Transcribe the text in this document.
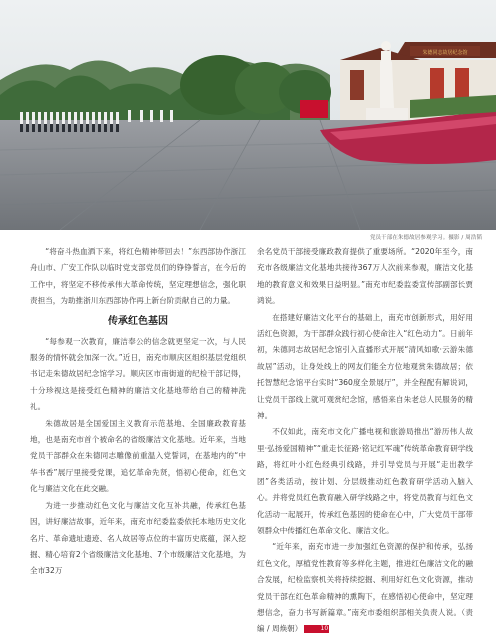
朱德同志故居纪念馆
党员干部在朱德故居参观学习。摄影 / 周浩韬

“将奋斗热血洒下来，将红色精神带回去！”东西部协作浙江舟山市、广安工作队以临时党支部党员们的铮铮誓言，在今后的工作中，将坚定不移传承伟大革命传统，坚定理想信念，强化职责担当，为助推浙川东西部协作再上新台阶贡献自己的力量。

传承红色基因

“每参观一次教育，廉洁奉公的信念就更坚定一次，与人民服务的情怀就会加深一次。”近日，南充市顺庆区组织基层党组织书记走朱德故居纪念馆学习。顺庆区市南街道的纪检干部记得，十分珍视这是接受红色精神的廉洁文化基地带给自己的精神洗礼。

朱德故居是全国爱国主义教育示范基地、全国廉政教育基地，也是南充市首个被命名的省级廉洁文化基地。近年来，当地党员干部群众在朱德同志雕像前重温入党誓词，在基地内的“中华书香”展厅里接受党课，追忆革命先贤，悟初心使命，红色文化与廉洁文化在此交融。

为进一步推动红色文化与廉洁文化互补共融，传承红色基因，讲好廉洁故事，近年来，南充市纪委监委依托本地历史文化名片、革命遗址遗迹、名人故居等点位的丰富历史底蕴，深入挖掘、精心培育2个省级廉洁文化基地、7个市级廉洁文化基地，为全市32万

余名党员干部接受廉政教育提供了重要场所。“2020年至今，南充市各级廉洁文化基地共接待367万人次前来参观，廉洁文化基地的教育意义和效果日益明显。”南充市纪委监委宣传部副部长贾鸿说。

在搭建好廉洁文化平台的基础上，南充市创新形式，用好用活红色资源，为干部群众践行初心使命注入“红色动力”。日前年初，朱德同志故居纪念馆引入直播形式开展“清风如歌·云游朱德故居”活动，让身处线上的网友们能全方位地观赏朱德故居；依托智慧纪念馆平台实时“360度全景展厅”，并全程配有解说词，让党员干部线上就可观赏纪念馆，感悟来自朱老总人民服务的精神。

不仅如此，南充市文化广播电视和旅游局推出“游历伟人故里·弘扬爱国精神”“重走长征路·铭记红军魂”传统革命教育研学线路，将红叶小红色经典引线路，并引导党员与开展“走出教学团”各类活动，按计划、分层级推动红色教育研学活动入脑入心。并将党员红色教育融入研学线路之中，将党员教育与红色文化活动一起展开，传承红色基因的使命在心中，广大党员干部带领群众中传播红色革命文化、廉洁文化。

“近年来，南充市进一步加强红色资源的保护和传承，弘扬红色文化，厚植党性教育等多样化主题，推进红色廉洁文化的融合发展，纪检监察机关将持续挖掘、利用好红色文化资源，推动党员干部在红色革命精神的熏陶下，在感悟初心使命中，坚定理想信念，奋力书写新篇章。”南充市委组织部相关负责人说。（责编 / 周焕朝）	10
